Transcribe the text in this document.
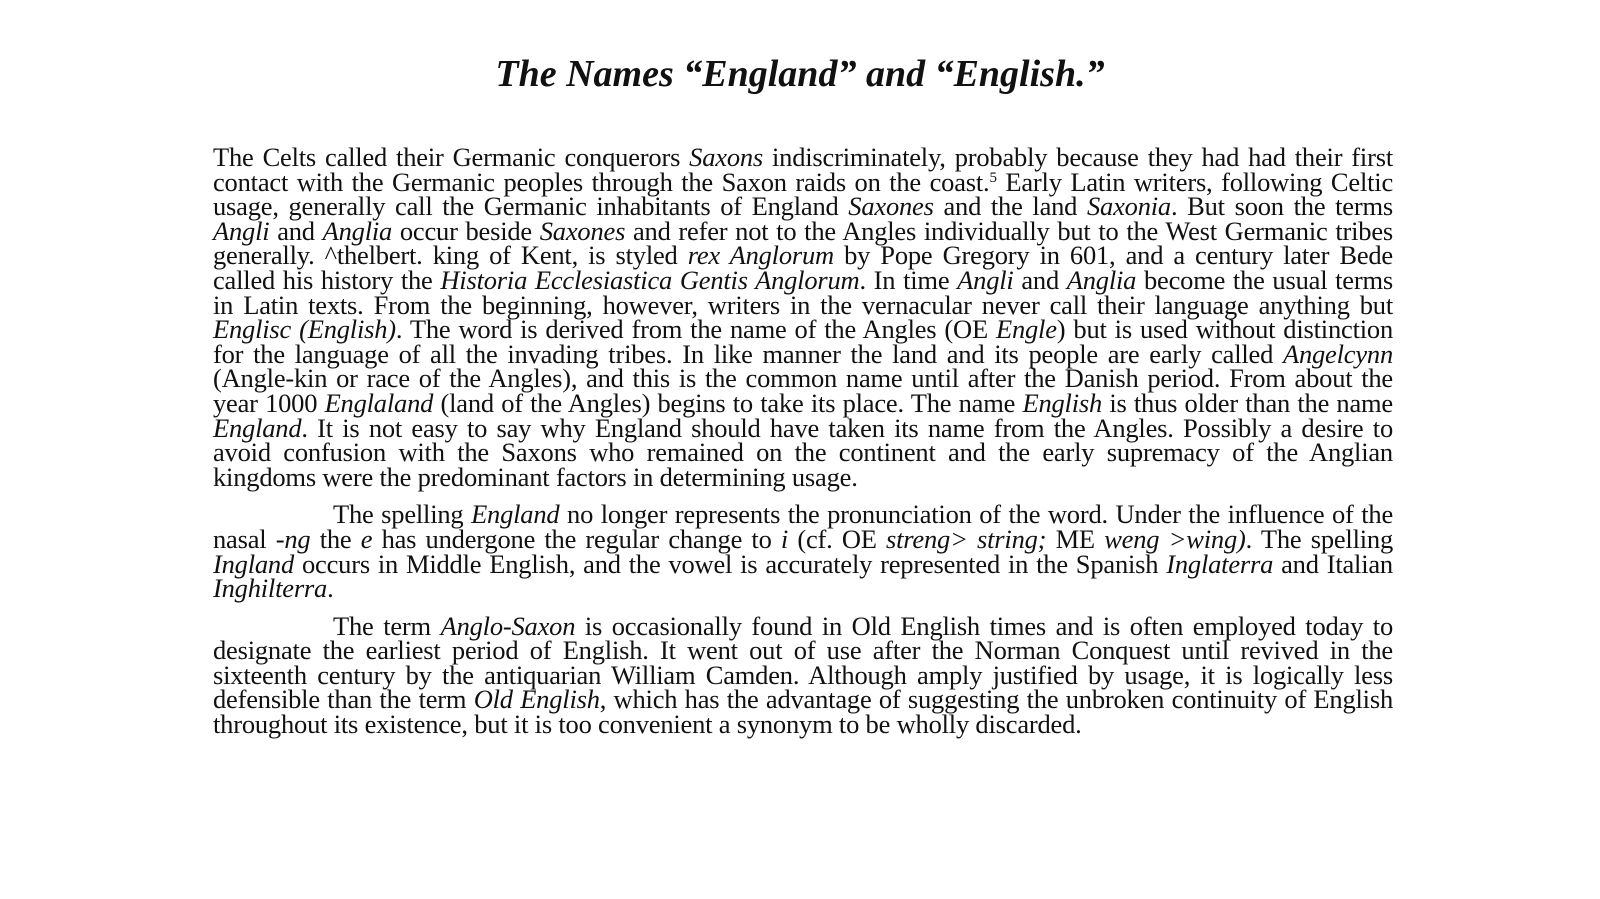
The Names “England” and “English.”

The Celts called their Germanic conquerors Saxons indiscriminately, probably because they had had their first contact with the Germanic peoples through the Saxon raids on the coast.$^5$ Early Latin writers, following Celtic usage, generally call the Germanic inhabitants of England Saxones and the land Saxonia. But soon the terms Angli and Anglia occur beside Saxones and refer not to the Angles individually but to the West Germanic tribes generally. ^thelbert. king of Kent, is styled rex Anglorum by Pope Gregory in 601, and a century later Bede called his history the Historia Ecclesiastica Gentis Anglorum. In time Angli and Anglia become the usual terms in Latin texts. From the beginning, however, writers in the vernacular never call their language anything but Englisc (English). The word is derived from the name of the Angles (OE Engle) but is used without distinction for the language of all the invading tribes. In like manner the land and its people are early called Angelcynn (Angle-kin or race of the Angles), and this is the common name until after the Danish period. From about the year 1000 Englaland (land of the Angles) begins to take its place. The name English is thus older than the name England. It is not easy to say why England should have taken its name from the Angles. Possibly a desire to avoid confusion with the Saxons who remained on the continent and the early supremacy of the Anglian kingdoms were the predominant factors in determining usage.

The spelling England no longer represents the pronunciation of the word. Under the influence of the nasal -ng the e has undergone the regular change to i (cf. OE streng> string; ME weng >wing). The spelling Ingland occurs in Middle English, and the vowel is accurately represented in the Spanish Inglaterra and Italian Inghilterra.

The term Anglo-Saxon is occasionally found in Old English times and is often employed today to designate the earliest period of English. It went out of use after the Norman Conquest until revived in the sixteenth century by the antiquarian William Camden. Although amply justified by usage, it is logically less defensible than the term Old English, which has the advantage of suggesting the unbroken continuity of English throughout its existence, but it is too convenient a synonym to be wholly discarded.
